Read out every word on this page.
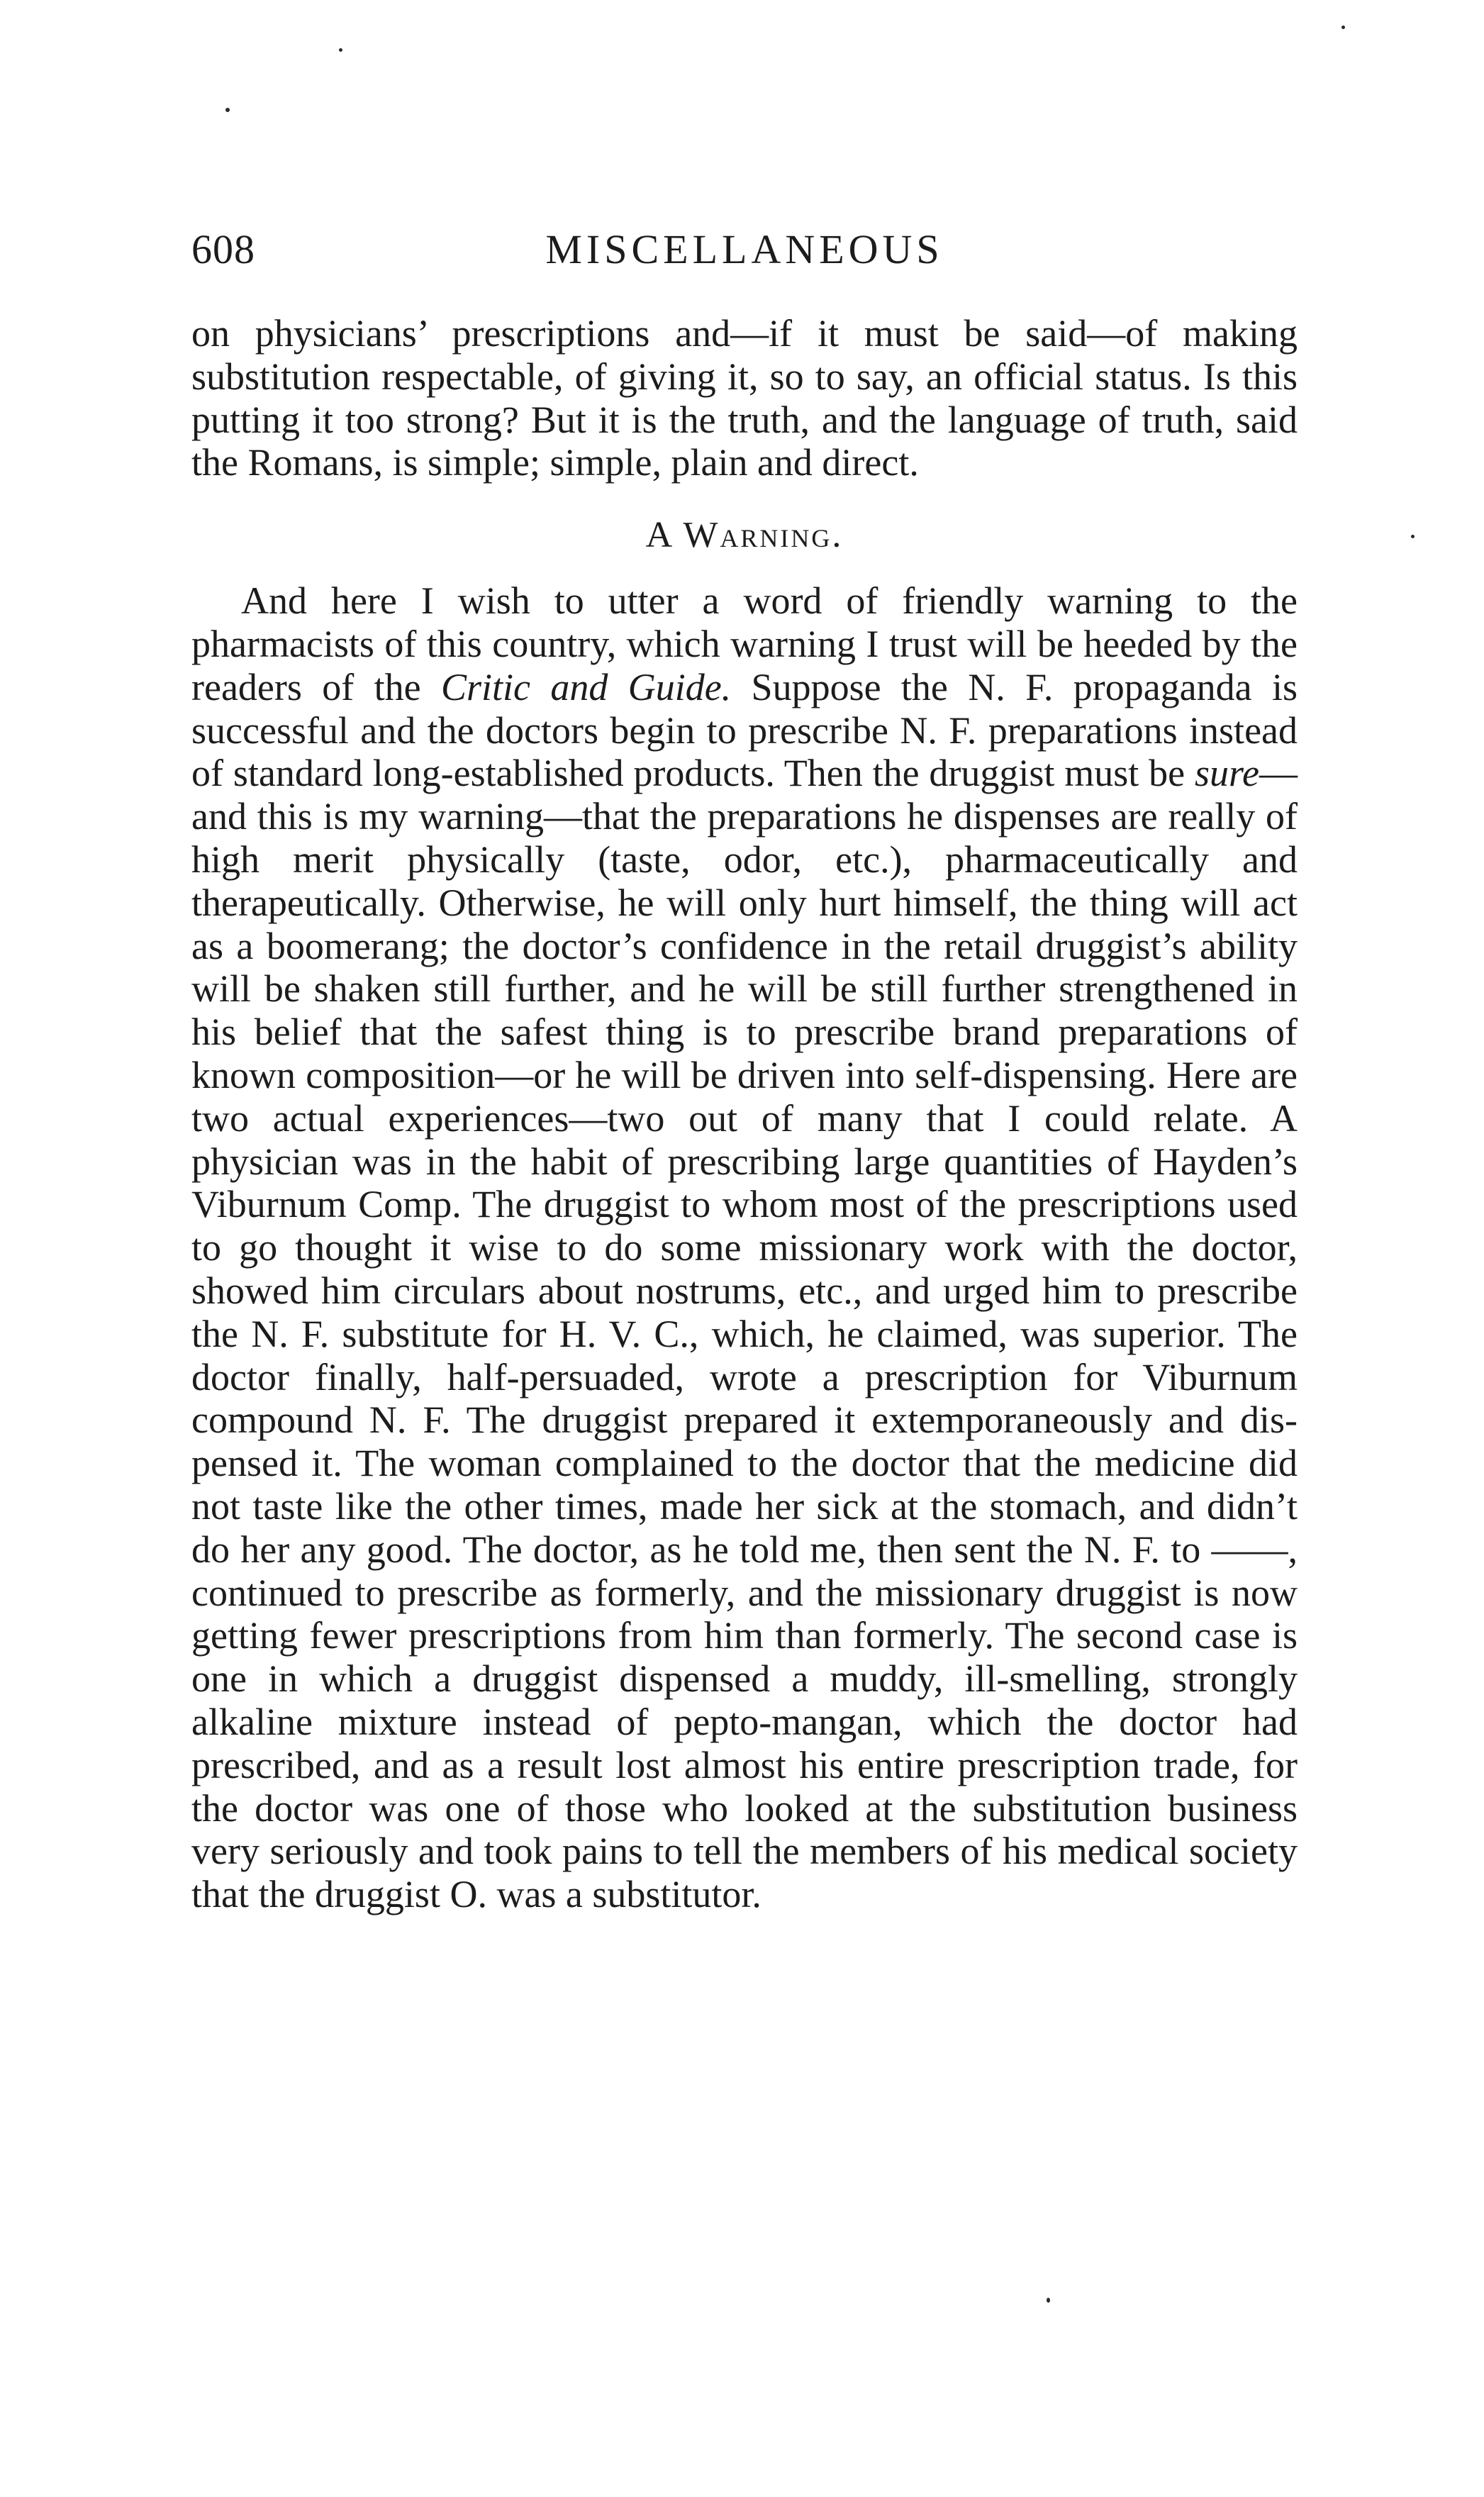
608	MISCELLANEOUS

on physicians’ prescriptions and—if it must be said—of making substitution respectable, of giving it, so to say, an official status. Is this putting it too strong? But it is the truth, and the language of truth, said the Romans, is simple; simple, plain and direct.

A Warning.

And here I wish to utter a word of friendly warning to the pharmacists of this country, which warning I trust will be heeded by the readers of the Critic and Guide. Suppose the N. F. propaganda is successful and the doctors begin to prescribe N. F. preparations instead of standard long-established products. Then the druggist must be sure—and this is my warning—that the preparations he dispenses are really of high merit physically (taste, odor, etc.), pharmaceutically and therapeutically. Otherwise, he will only hurt himself, the thing will act as a boomerang; the doctor’s confidence in the retail druggist’s ability will be shaken still further, and he will be still further strengthened in his belief that the safest thing is to prescribe brand preparations of known composition—or he will be driven into self-dispensing. Here are two actual experiences—two out of many that I could relate. A physician was in the habit of prescribing large quantities of Hayden’s Viburnum Comp. The druggist to whom most of the prescriptions used to go thought it wise to do some missionary work with the doctor, showed him circulars about nostrums, etc., and urged him to prescribe the N. F. substitute for H. V. C., which, he claimed, was superior. The doctor finally, half-persuaded, wrote a prescription for Viburnum compound N. F. The druggist prepared it extemporaneously and dispensed it. The woman complained to the doctor that the medicine did not taste like the other times, made her sick at the stomach, and didn’t do her any good. The doctor, as he told me, then sent the N. F. to ——, continued to prescribe as formerly, and the missionary druggist is now getting fewer prescriptions from him than formerly. The second case is one in which a druggist dispensed a muddy, ill-smelling, strongly alkaline mixture instead of pepto-mangan, which the doctor had prescribed, and as a result lost almost his entire prescription trade, for the doctor was one of those who looked at the substitution business very seriously and took pains to tell the members of his medical society that the druggist O. was a substitutor.
